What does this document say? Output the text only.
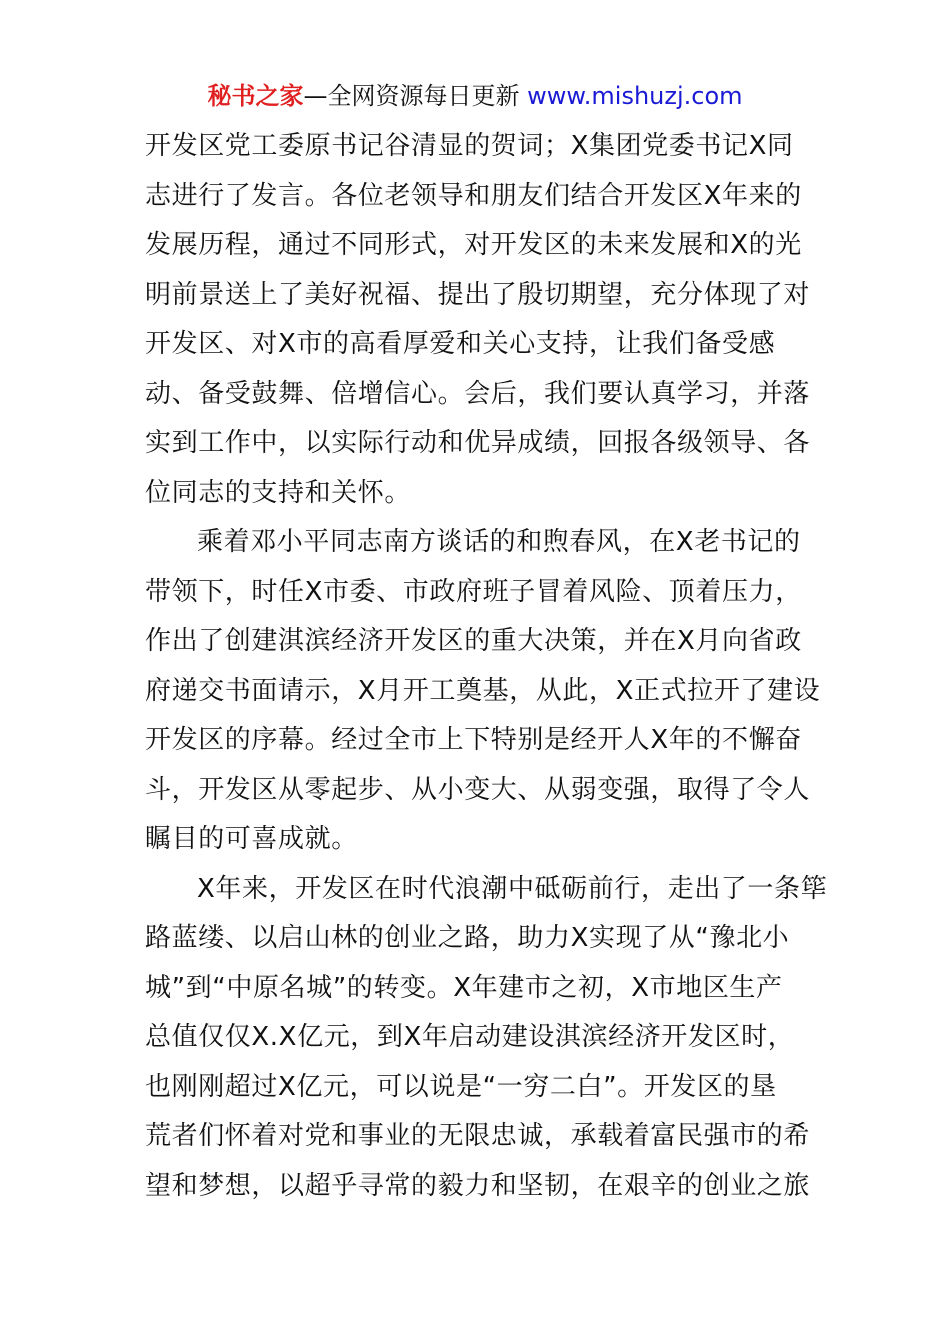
秘书之家—全网资源每日更新 www.mishuzj.com
开发区党工委原书记谷清显的贺词；X集团党委书记X同
志进行了发言。各位老领导和朋友们结合开发区X年来的
发展历程，通过不同形式，对开发区的未来发展和X的光
明前景送上了美好祝福、提出了殷切期望，充分体现了对
开发区、对X市的高看厚爱和关心支持，让我们备受感
动、备受鼓舞、倍增信心。会后，我们要认真学习，并落
实到工作中，以实际行动和优异成绩，回报各级领导、各
位同志的支持和关怀。
乘着邓小平同志南方谈话的和煦春风，在X老书记的
带领下，时任X市委、市政府班子冒着风险、顶着压力，
作出了创建淇滨经济开发区的重大决策，并在X月向省政
府递交书面请示，X月开工奠基，从此，X正式拉开了建设
开发区的序幕。经过全市上下特别是经开人X年的不懈奋
斗，开发区从零起步、从小变大、从弱变强，取得了令人
瞩目的可喜成就。
X年来，开发区在时代浪潮中砥砺前行，走出了一条筚
路蓝缕、以启山林的创业之路，助力X实现了从“豫北小
城”到“中原名城”的转变。X年建市之初，X市地区生产
总值仅仅X.X亿元，到X年启动建设淇滨经济开发区时，
也刚刚超过X亿元，可以说是“一穷二白”。开发区的垦
荒者们怀着对党和事业的无限忠诚，承载着富民强市的希
望和梦想，以超乎寻常的毅力和坚韧，在艰辛的创业之旅
